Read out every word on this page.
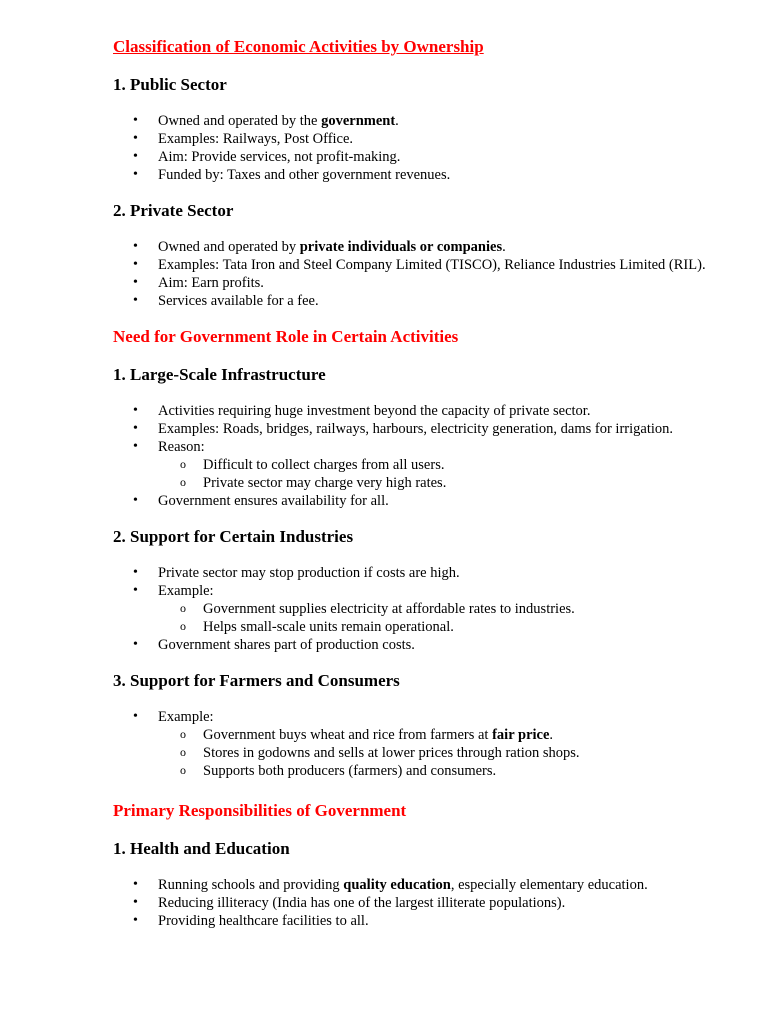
Classification of Economic Activities by Ownership
1. Public Sector
• Owned and operated by the government.
• Examples: Railways, Post Office.
• Aim: Provide services, not profit-making.
• Funded by: Taxes and other government revenues.
2. Private Sector
• Owned and operated by private individuals or companies.
• Examples: Tata Iron and Steel Company Limited (TISCO), Reliance Industries Limited (RIL).
• Aim: Earn profits.
• Services available for a fee.
Need for Government Role in Certain Activities
1. Large-Scale Infrastructure
• Activities requiring huge investment beyond the capacity of private sector.
• Examples: Roads, bridges, railways, harbours, electricity generation, dams for irrigation.
• Reason:
o Difficult to collect charges from all users.
o Private sector may charge very high rates.
• Government ensures availability for all.
2. Support for Certain Industries
• Private sector may stop production if costs are high.
• Example:
o Government supplies electricity at affordable rates to industries.
o Helps small-scale units remain operational.
• Government shares part of production costs.
3. Support for Farmers and Consumers
• Example:
o Government buys wheat and rice from farmers at fair price.
o Stores in godowns and sells at lower prices through ration shops.
o Supports both producers (farmers) and consumers.
Primary Responsibilities of Government
1. Health and Education
• Running schools and providing quality education, especially elementary education.
• Reducing illiteracy (India has one of the largest illiterate populations).
• Providing healthcare facilities to all.
